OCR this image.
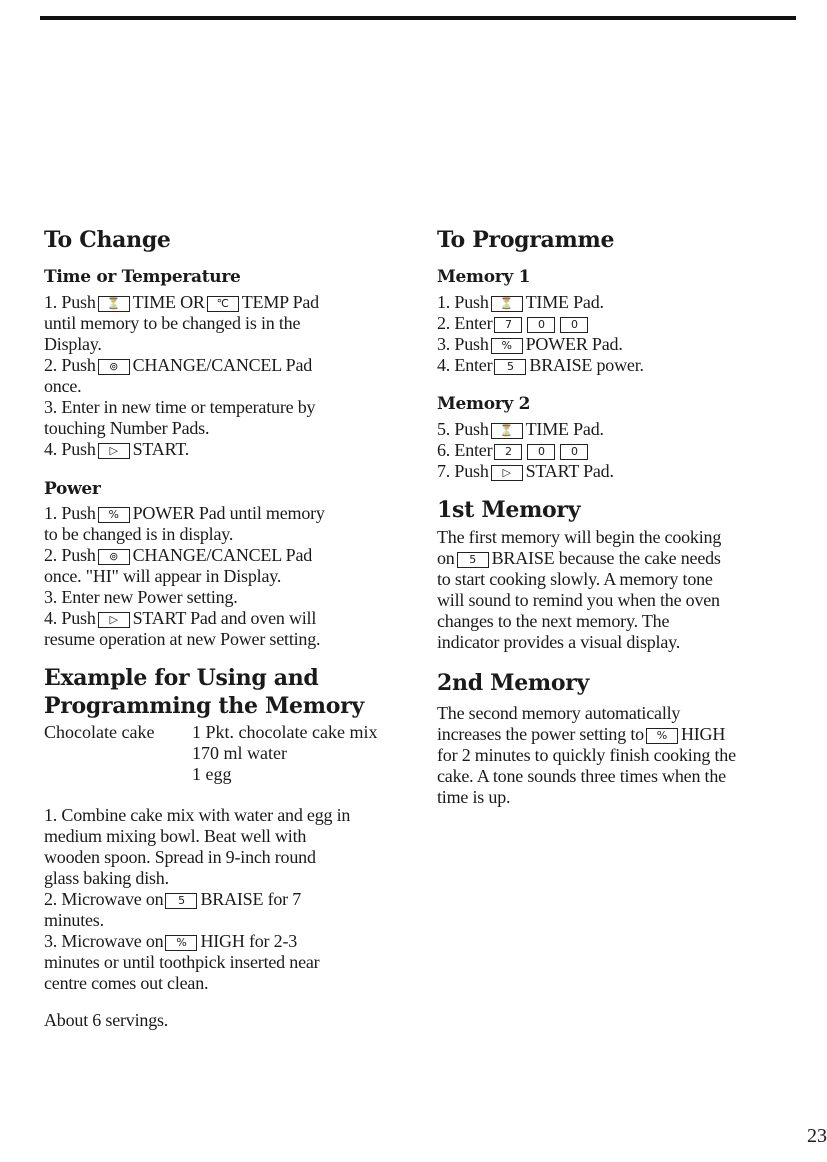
To Change
Time or Temperature

1. Push ⏳ TIME OR ℃ TEMP Pad

until memory to be changed is in the

Display.

2. Push ⊚ CHANGE/CANCEL Pad

once.

3. Enter in new time or temperature by

touching Number Pads.

4. Push ▷ START.

Power

1. Push % POWER Pad until memory

to be changed is in display.

2. Push ⊚ CHANGE/CANCEL Pad

once. "HI" will appear in Display.

3. Enter new Power setting.

4. Push ▷ START Pad and oven will

resume operation at new Power setting.

Example for Using and
Programming the Memory
Chocolate cake	1 Pkt. chocolate cake mix
170 ml water
1 egg

1. Combine cake mix with water and egg in

medium mixing bowl. Beat well with

wooden spoon. Spread in 9-inch round

glass baking dish.

2. Microwave on 5 BRAISE for 7

minutes.

3. Microwave on % HIGH for 2-3

minutes or until toothpick inserted near

centre comes out clean.

About 6 servings.

To Programme
Memory 1

1. Push ⏳ TIME Pad.

2. Enter 7 0 0

3. Push % POWER Pad.

4. Enter 5 BRAISE power.

Memory 2

5. Push ⏳ TIME Pad.

6. Enter 2 0 0

7. Push ▷ START Pad.

1st Memory

The first memory will begin the cooking

on 5 BRAISE because the cake needs

to start cooking slowly. A memory tone

will sound to remind you when the oven

changes to the next memory. The

indicator provides a visual display.

2nd Memory

The second memory automatically

increases the power setting to % HIGH

for 2 minutes to quickly finish cooking the

cake. A tone sounds three times when the

time is up.

23
